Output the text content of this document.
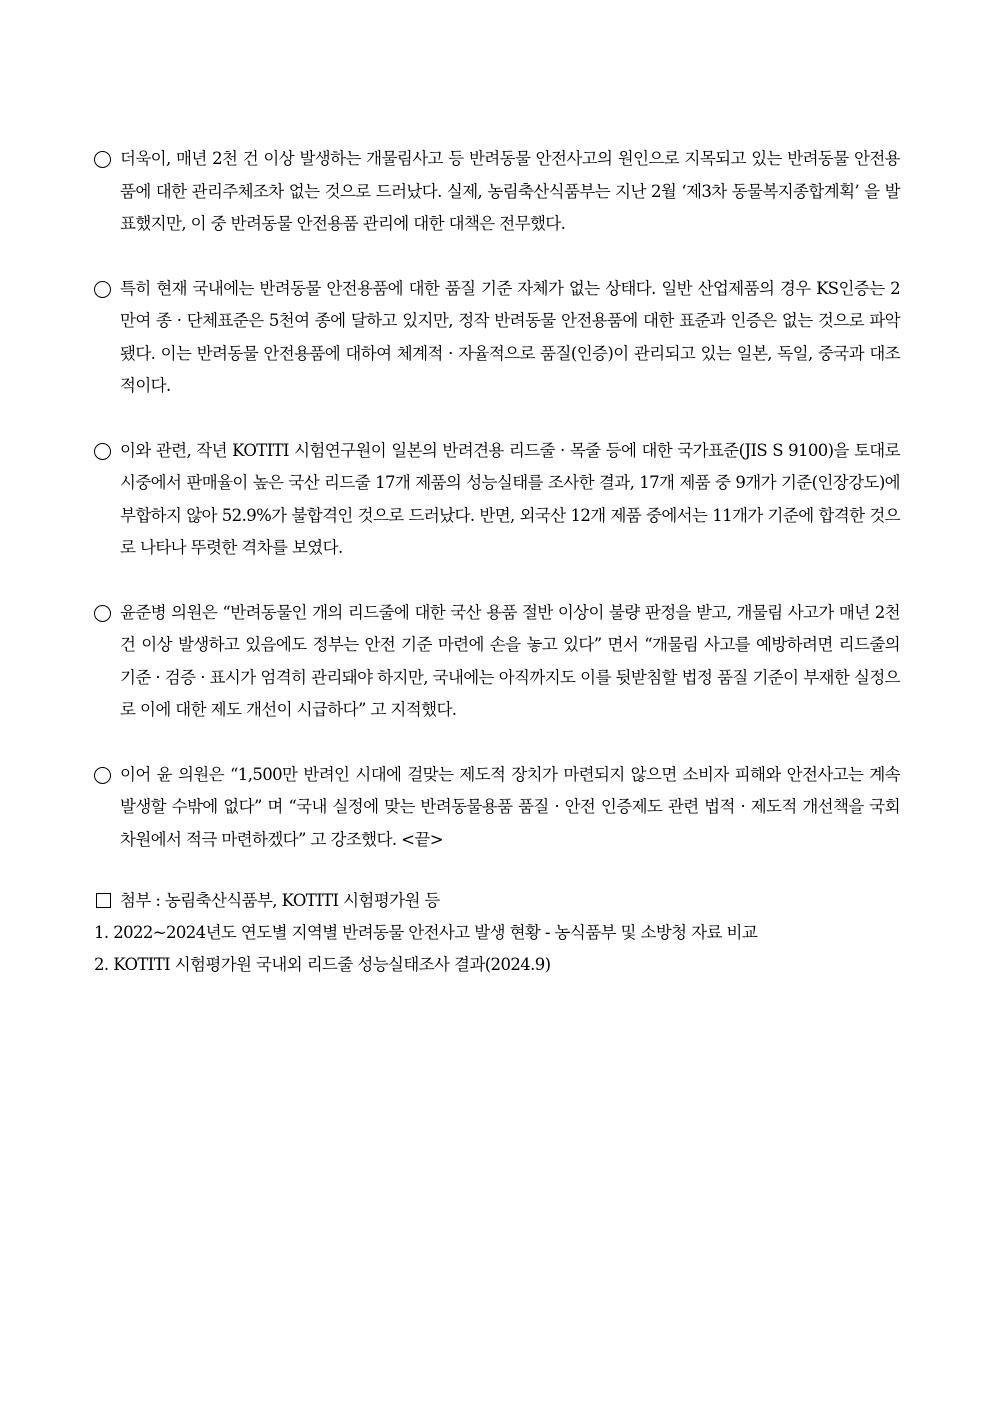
더욱이, 매년 2천 건 이상 발생하는 개물림사고 등 반려동물 안전사고의 원인으로 지목되고 있는 반려동물 안전용품에 대한 관리주체조차 없는 것으로 드러났다. 실제, 농림축산식품부는 지난 2월 ‘제3차 동물복지종합계획’ 을 발표했지만, 이 중 반려동물 안전용품 관리에 대한 대책은 전무했다.
특히 현재 국내에는 반려동물 안전용품에 대한 품질 기준 자체가 없는 상태다. 일반 산업제품의 경우 KS인증는 2만여 종 · 단체표준은 5천여 종에 달하고 있지만, 정작 반려동물 안전용품에 대한 표준과 인증은 없는 것으로 파악됐다. 이는 반려동물 안전용품에 대하여 체계적 · 자율적으로 품질(인증)이 관리되고 있는 일본, 독일, 중국과 대조적이다.
이와 관련, 작년 KOTITI 시험연구원이 일본의 반려견용 리드줄 · 목줄 등에 대한 국가표준(JIS S 9100)을 토대로 시중에서 판매율이 높은 국산 리드줄 17개 제품의 성능실태를 조사한 결과, 17개 제품 중 9개가 기준(인장강도)에 부합하지 않아 52.9%가 불합격인 것으로 드러났다. 반면, 외국산 12개 제품 중에서는 11개가 기준에 합격한 것으로 나타나 뚜렷한 격차를 보였다.
윤준병 의원은 “반려동물인 개의 리드줄에 대한 국산 용품 절반 이상이 불량 판정을 받고, 개물림 사고가 매년 2천 건 이상 발생하고 있음에도 정부는 안전 기준 마련에 손을 놓고 있다” 면서 “개물림 사고를 예방하려면 리드줄의 기준 · 검증 · 표시가 엄격히 관리돼야 하지만, 국내에는 아직까지도 이를 뒷받침할 법정 품질 기준이 부재한 실정으로 이에 대한 제도 개선이 시급하다” 고 지적했다.
이어 윤 의원은 “1,500만 반려인 시대에 걸맞는 제도적 장치가 마련되지 않으면 소비자 피해와 안전사고는 계속 발생할 수밖에 없다” 며 “국내 실정에 맞는 반려동물용품 품질 · 안전 인증제도 관련 법적 · 제도적 개선책을 국회 차원에서 적극 마련하겠다” 고 강조했다. <끝>
첨부 : 농림축산식품부, KOTITI 시험평가원 등
1. 2022~2024년도 연도별 지역별 반려동물 안전사고 발생 현황 - 농식품부 및 소방청 자료 비교
2. KOTITI 시험평가원 국내외 리드줄 성능실태조사 결과(2024.9)
